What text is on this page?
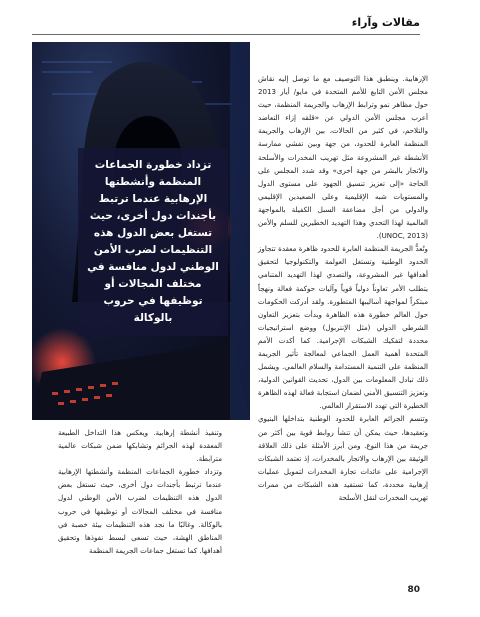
مقالات وآراء
تزداد خطورة الجماعات المنظمة وأنشطتها الإرهابية عندما ترتبط بأجندات دول أخرى، حيث تستغل بعض الدول هذه التنظيمات لضرب الأمن الوطني لدول منافسة في مختلف المجالات أو توظيفها في حروب بالوكالة

الإرهابية. وينطبق هذا التوصيف مع ما توصل إليه نقاش مجلس الأمن التابع للأمم المتحدة في مايو/ أيار 2013 حول مظاهر نمو وترابط الإرهاب والجريمة المنظمة، حيث أعرب مجلس الأمن الدولي عن «قلقه إزاء التعاضد والتلاحم، في كثير من الحالات، بين الإرهاب والجريمة المنظمة العابرة للحدود، من جهة وبين تفشي ممارسة الأنشطة غير المشروعة مثل تهريب المخدرات والأسلحة والاتجار بالبشر من جهة أخرى» وقد شدد المجلس على الحاجة «إلى تعزيز تنسيق الجهود على مستوى الدول والمستويات شبه الإقليمية وعلى الصعيدين الإقليمي والدولي من أجل مضاعفة السبل الكفيلة بالمواجهة العالمية لهذا التحدي وهذا التهديد الخطيرين للسلم والأمن (UNOC, 2013).

وتُعدُّ الجريمة المنظمة العابرة للحدود ظاهرة معقدة تتجاوز الحدود الوطنية وتستغل العولمة والتكنولوجيا لتحقيق أهدافها غير المشروعة، والتصدي لهذا التهديد المتنامي يتطلب الأمر تعاوناً دولياً قوياً وآليات حوكمة فعالة ونهجاً مبتكراً لمواجهة أساليبها المتطورة. ولقد أدركت الحكومات حول العالم خطورة هذه الظاهرة وبدأت بتعزيز التعاون الشرطي الدولي (مثل الإنتربول) ووضع استراتيجيات محددة لتفكيك الشبكات الإجرامية. كما أكدت الأمم المتحدة أهمية العمل الجماعي لمعالجة تأثير الجريمة المنظمة على التنمية المستدامة والسلام العالمي. ويشمل ذلك تبادل المعلومات بين الدول، تحديث القوانين الدولية، وتعزيز التنسيق الأمني لضمان استجابة فعالة لهذه الظاهرة الخطيرة التي تهدد الاستقرار العالمي.

وتتسم الجرائم العابرة للحدود الوطنية بتداخلها البنيوي وتعقيدها، حيث يمكن أن تنشأ روابط قوية بين أكثر من جريمة من هذا النوع. ومن أبرز الأمثلة على ذلك العلاقة الوثيقة بين الإرهاب والاتجار بالمخدرات، إذ تعتمد الشبكات الإجرامية على عائدات تجارة المخدرات لتمويل عمليات إرهابية محددة، كما تستفيد هذه الشبكات من ممرات تهريب المخدرات لنقل الأسلحة

وتنفيذ أنشطة إرهابية. ويعكس هذا التداخل الطبيعة المعقدة لهذه الجرائم وتشابكها ضمن شبكات عالمية مترابطة.

وتزداد خطورة الجماعات المنظمة وأنشطتها الإرهابية عندما ترتبط بأجندات دول أخرى، حيث تستغل بعض الدول هذه التنظيمات لضرب الأمن الوطني لدول منافسة في مختلف المجالات أو توظيفها في حروب بالوكالة. وغالبًا ما نجد هذه التنظيمات بيئة خصبة في المناطق الهشة، حيث تسعى لبسط نفوذها وتحقيق أهدافها. كما تستغل جماعات الجريمة المنظمة

80
